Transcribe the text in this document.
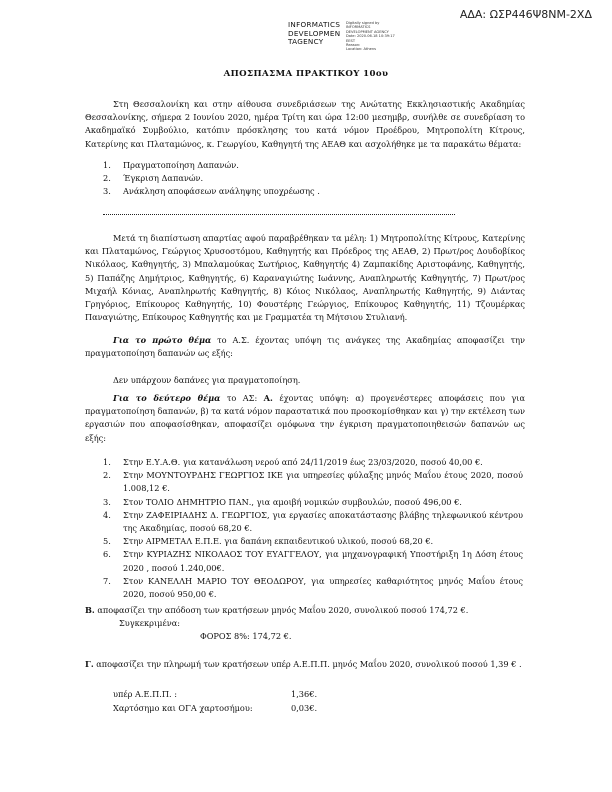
ΑΔΑ: ΩΣΡ446Ψ8ΝΜ-2ΧΔ
INFORMATICS
DEVELOPMEN
TAGENCY
Digitally signed by
INFORMATICS
DEVELOPMENT AGENCY
Date: 2020.06.18 10:39:17
EEST
Reason:
Location: Athens
ΑΠΟΣΠΑΣΜΑ ΠΡΑΚΤΙΚΟΥ 10ου
Στη Θεσσαλονίκη και στην αίθουσα συνεδριάσεων της Ανώτατης Εκκλησιαστικής Ακαδημίας Θεσσαλονίκης, σήμερα 2 Ιουνίου 2020, ημέρα Τρίτη και ώρα 12:00 μεσημβρ, συνήλθε σε συνεδρίαση το Ακαδημαϊκό Συμβούλιο, κατόπιν πρόσκλησης του κατά νόμον Προέδρου, Μητροπολίτη Κίτρους, Κατερίνης και Πλαταμώνος, κ. Γεωργίου, Καθηγητή της ΑΕΑΘ και ασχολήθηκε με τα παρακάτω θέματα:
1. Πραγματοποίηση Δαπανών.
2. Έγκριση Δαπανών.
3. Ανάκληση αποφάσεων ανάληψης υποχρέωσης .
Μετά τη διαπίστωση απαρτίας αφού παραβρέθηκαν τα μέλη: 1) Μητροπολίτης Κίτρους, Κατερίνης και Πλαταμώνος, Γεώργιος Χρυσοστόμου, Καθηγητής και Πρόεδρος της ΑΕΑΘ, 2) Πρωτ/ρος Δουδοβίκος Νικόλαος, Καθηγητής, 3) Μπαλαμούκας Σωτήριος, Καθηγητής 4) Ζαμπακίδης Αριστοφάνης, Καθηγητής, 5) Παπάζης Δημήτριος, Καθηγητής, 6) Καραναγιώτης Ιωάννης, Αναπληρωτής Καθηγητής, 7) Πρωτ/ρος Μιχαήλ Κόνιας, Αναπληρωτής Καθηγητής, 8) Κόιος Νικόλαος, Αναπληρωτής Καθηγητής, 9) Διάντας Γρηγόριος, Επίκουρος Καθηγητής, 10) Φουστέρης Γεώργιος, Επίκουρος Καθηγητής, 11) Τζουμέρκας Παναγιώτης, Επίκουρος Καθηγητής και με Γραμματέα τη Μήτσιου Στυλιανή.
Για το πρώτο θέμα το Α.Σ. έχοντας υπόψη τις ανάγκες της Ακαδημίας αποφασίζει την πραγματοποίηση δαπανών ως εξής:
Δεν υπάρχουν δαπάνες για πραγματοποίηση.
Για το δεύτερο θέμα το ΑΣ: Α. έχοντας υπόψη: α) προγενέστερες αποφάσεις που για πραγματοποίηση δαπανών, β) τα κατά νόμον παραστατικά που προσκομίσθηκαν και γ) την εκτέλεση των εργασιών που αποφασίσθηκαν, αποφασίζει ομόφωνα την έγκριση πραγματοποιηθεισών δαπανών ως εξής:
1. Στην Ε.Υ.Α.Θ. για κατανάλωση νερού από 24/11/2019 έως 23/03/2020, ποσού 40,00 €.
2. Στην ΜΟΥΝΤΟΥΡΔΗΣ ΓΕΩΡΓΙΟΣ ΙΚΕ για υπηρεσίες φύλαξης μηνός Μαΐου έτους 2020, ποσού 1.008,12 €.
3. Στον ΤΟΛΙΟ ΔΗΜΗΤΡΙΟ ΠΑΝ., για αμοιβή νομικών συμβουλών, ποσού 496,00 €.
4. Στην ΖΑΦΕΙΡΙΑΔΗΣ Δ. ΓΕΩΡΓΙΟΣ, για εργασίες αποκατάστασης βλάβης τηλεφωνικού κέντρου της Ακαδημίας, ποσού 68,20 €.
5. Στην ΑΙΡΜΕΤΑΛ Ε.Π.Ε. για δαπάνη εκπαιδευτικού υλικού, ποσού 68,20 €.
6. Στην ΚΥΡΙΑΖΗΣ ΝΙΚΟΛΑΟΣ ΤΟΥ ΕΥΑΓΓΕΛΟΥ, για μηχανογραφική Υποστήριξη 1η Δόση έτους 2020 , ποσού 1.240,00€.
7. Στον ΚΑΝΕΛΛΗ ΜΑΡΙΟ ΤΟΥ ΘΕΟΔΩΡΟΥ, για υπηρεσίες καθαριότητος μηνός Μαΐου έτους 2020, ποσού 950,00 €.
Β. αποφασίζει την απόδοση των κρατήσεων μηνός Μαΐου 2020, συνολικού ποσού 174,72 €.
Συγκεκριμένα:
ΦΟΡΟΣ 8%: 174,72 €.
Γ. αποφασίζει την πληρωμή των κρατήσεων υπέρ Α.Ε.Π.Π. μηνός Μαΐου 2020, συνολικού ποσού 1,39 € .
υπέρ Α.Ε.Π.Π. :	1,36€.
Χαρτόσημο και ΟΓΑ χαρτοσήμου:	0,03€.
